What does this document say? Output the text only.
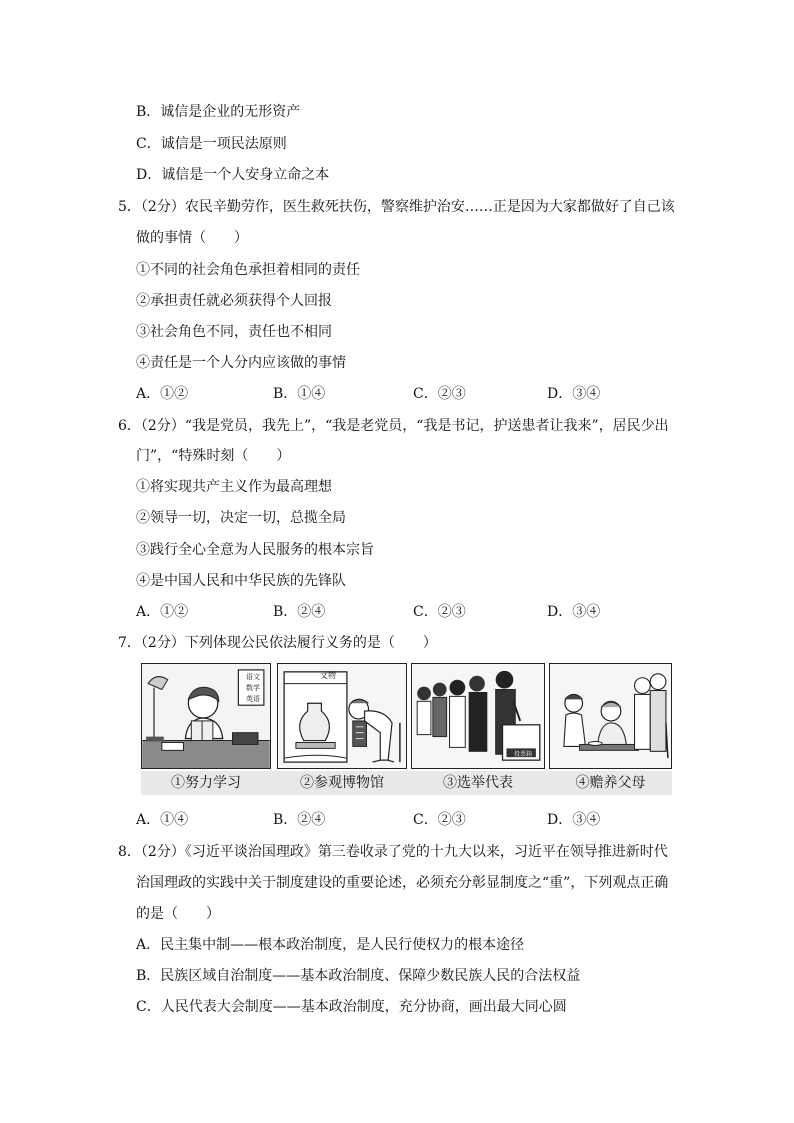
B．诚信是企业的无形资产
C．诚信是一项民法原则
D．诚信是一个人安身立命之本
5．（2分）农民辛勤劳作，医生救死扶伤，警察维护治安……正是因为大家都做好了自己该
做的事情（　　）
①不同的社会角色承担着相同的责任
②承担责任就必须获得个人回报
③社会角色不同，责任也不相同
④责任是一个人分内应该做的事情
A．①②	B．①④	C．②③	D．③④
6．（2分）“我是党员，我先上”，“我是老党员，“我是书记，护送患者让我来”，居民少出
门”，“特殊时刻（　　）
①将实现共产主义作为最高理想
②领导一切，决定一切，总揽全局
③践行全心全意为人民服务的根本宗旨
④是中国人民和中华民族的先锋队
A．①②	B．②④	C．②③	D．③④
7．（2分）下列体现公民依法履行义务的是（　　）
语文
数学
英语
文物
投票箱
①努力学习	②参观博物馆	③选举代表	④赡养父母
A．①④	B．②④	C．②③	D．③④
8．（2分）《习近平谈治国理政》第三卷收录了党的十九大以来，习近平在领导推进新时代
治国理政的实践中关于制度建设的重要论述，必须充分彰显制度之“重”，下列观点正确
的是（　　）
A．民主集中制——根本政治制度，是人民行使权力的根本途径
B．民族区域自治制度——基本政治制度、保障少数民族人民的合法权益
C．人民代表大会制度——基本政治制度，充分协商，画出最大同心圆
